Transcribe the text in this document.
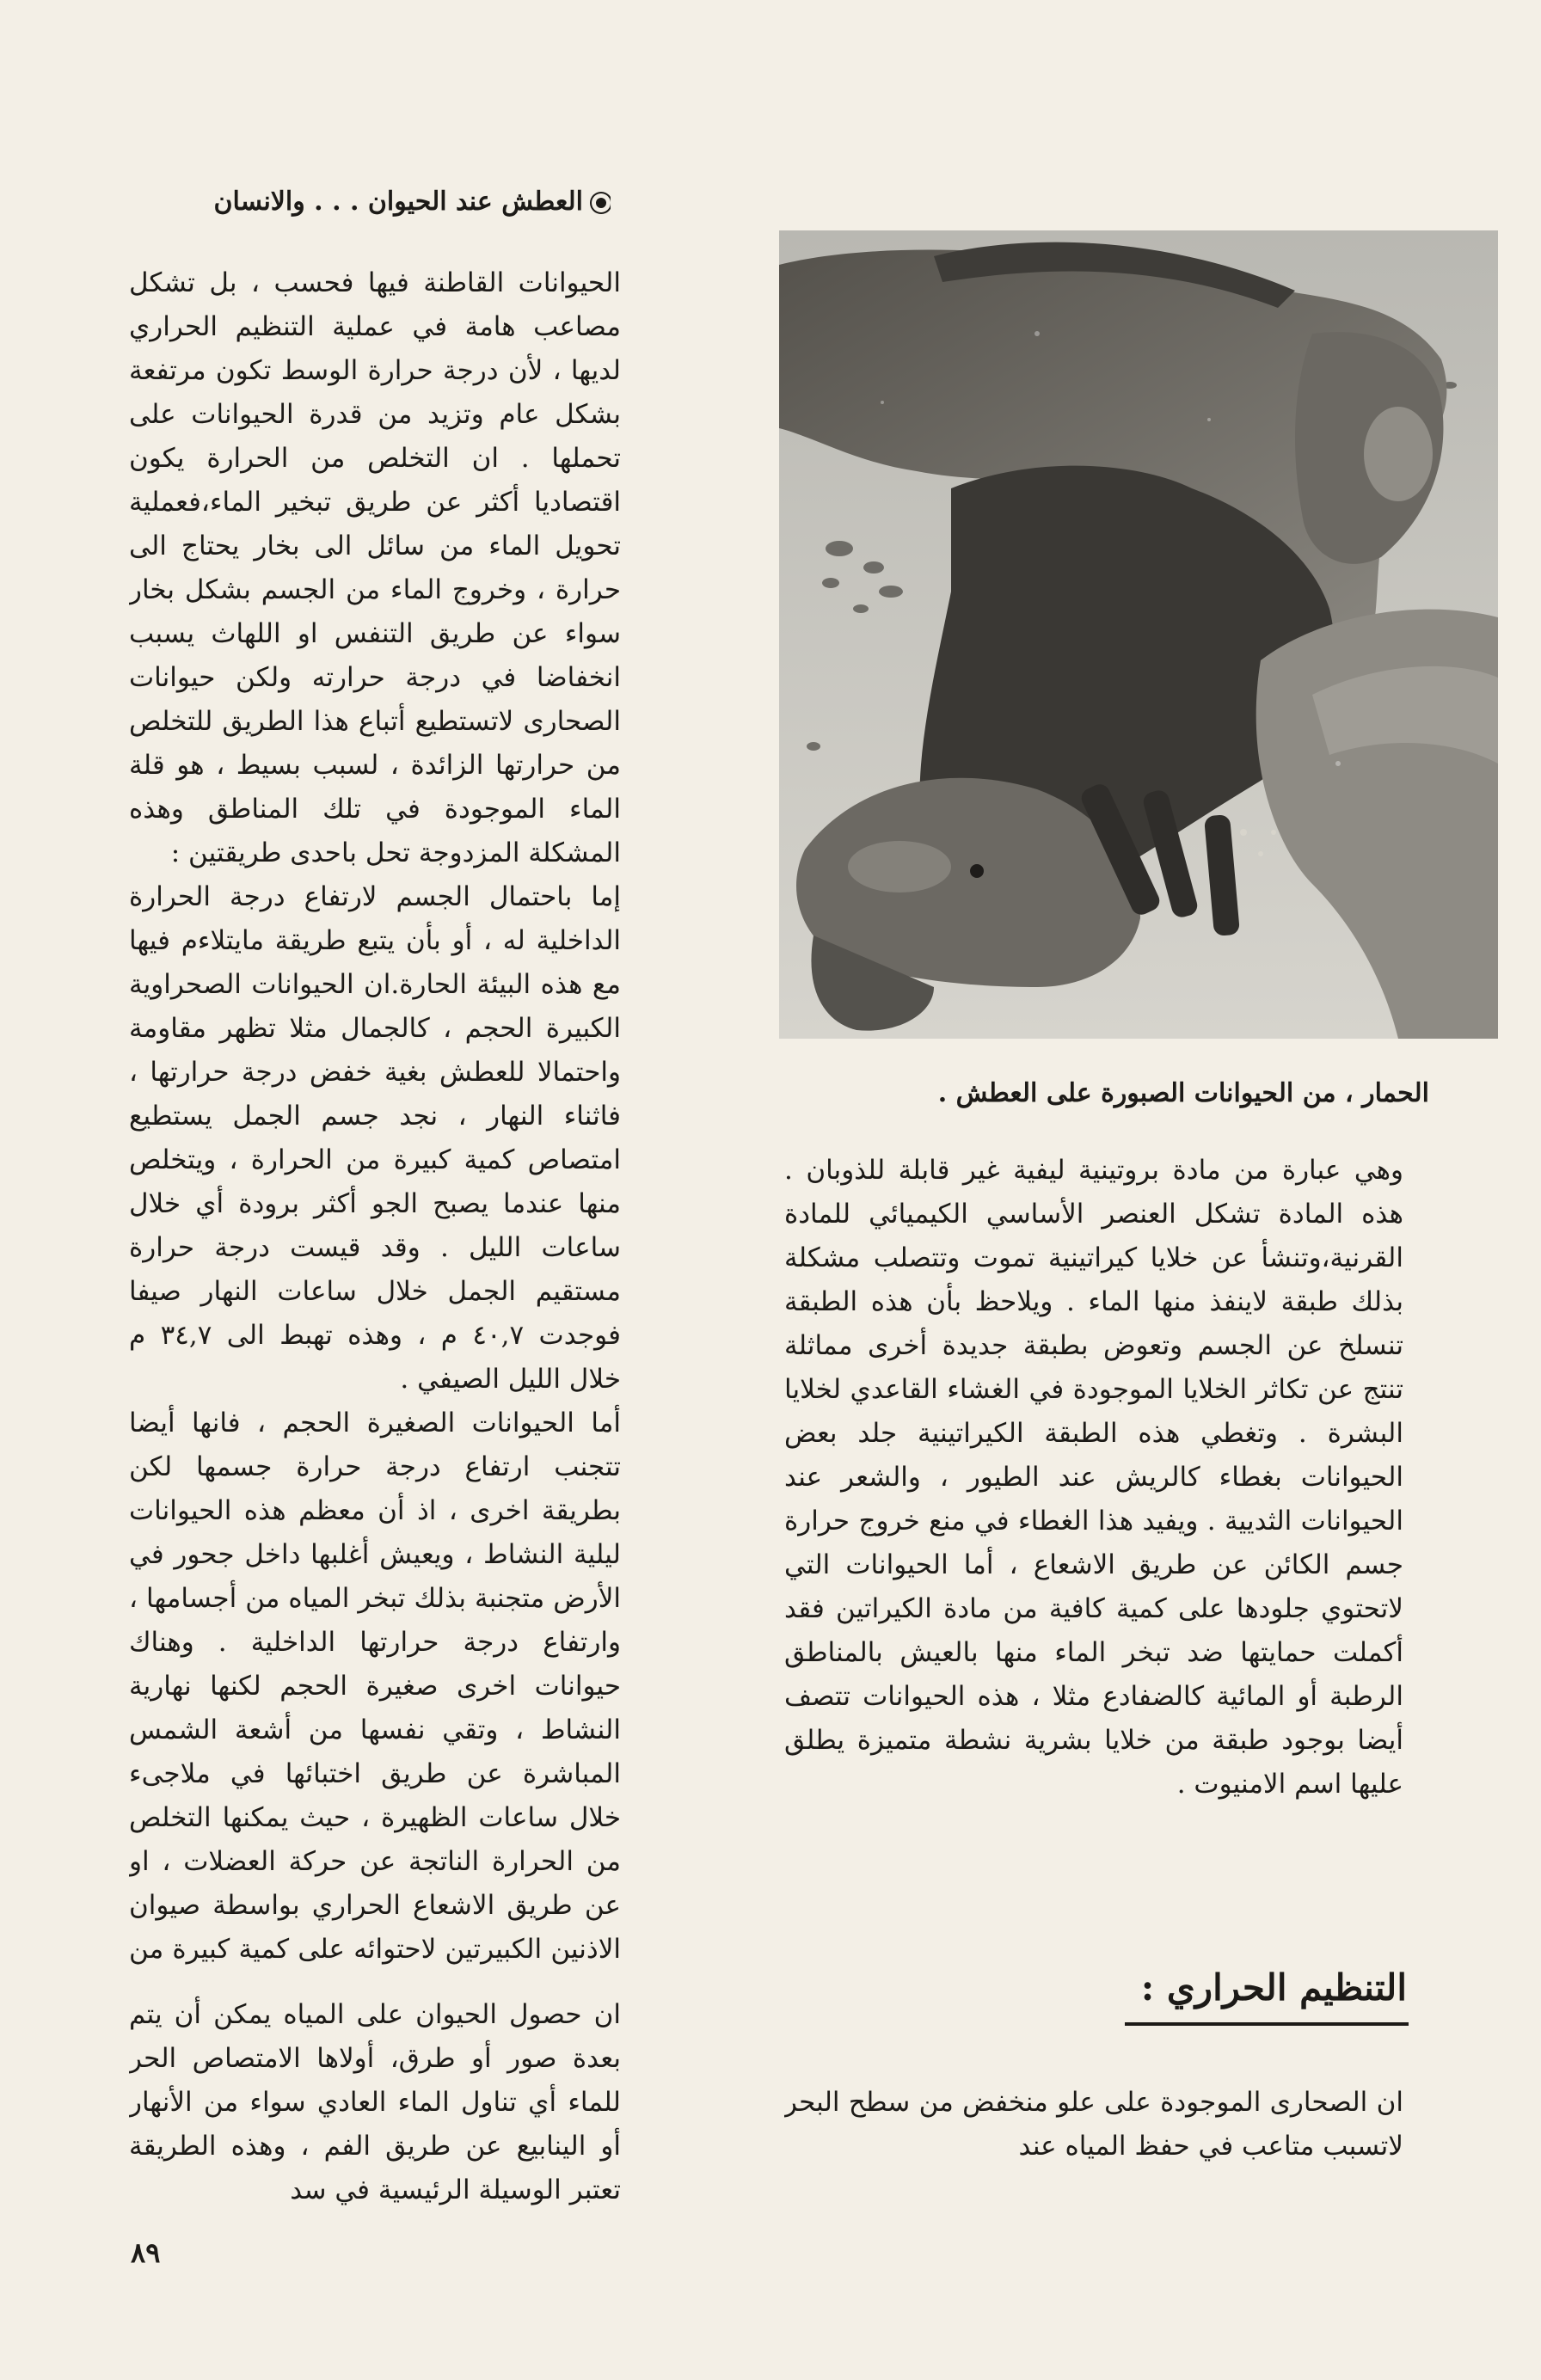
العطش عند الحيوان . . . والانسان
الحمار ، من الحيوانات الصبورة على العطش .

الحيوانات القاطنة فيها فحسب ، بل تشكل مصاعب هامة في عملية التنظيم الحراري لديها ، لأن درجة حرارة الوسط تكون مرتفعة بشكل عام وتزيد من قدرة الحيوانات على تحملها . ان التخلص من الحرارة يكون اقتصاديا أكثر عن طريق تبخير الماء،فعملية تحويل الماء من سائل الى بخار يحتاج الى حرارة ، وخروج الماء من الجسم بشكل بخار سواء عن طريق التنفس او اللهاث يسبب انخفاضا في درجة حرارته ولكن حيوانات الصحارى لاتستطيع أتباع هذا الطريق للتخلص من حرارتها الزائدة ، لسبب بسيط ، هو قلة الماء الموجودة في تلك المناطق وهذه المشكلة المزدوجة تحل باحدى طريقتين :

إما باحتمال الجسم لارتفاع درجة الحرارة الداخلية له ، أو بأن يتبع طريقة مايتلاءم فيها مع هذه البيئة الحارة.ان الحيوانات الصحراوية الكبيرة الحجم ، كالجمال مثلا تظهر مقاومة واحتمالا للعطش بغية خفض درجة حرارتها ، فاثناء النهار ، نجد جسم الجمل يستطيع امتصاص كمية كبيرة من الحرارة ، ويتخلص منها عندما يصبح الجو أكثر برودة أي خلال ساعات الليل . وقد قيست درجة حرارة مستقيم الجمل خلال ساعات النهار صيفا فوجدت ٤٠,٧ م ، وهذه تهبط الى ٣٤,٧ م خلال الليل الصيفي .

أما الحيوانات الصغيرة الحجم ، فانها أيضا تتجنب ارتفاع درجة حرارة جسمها لكن بطريقة اخرى ، اذ أن معظم هذه الحيوانات ليلية النشاط ، ويعيش أغلبها داخل جحور في الأرض متجنبة بذلك تبخر المياه من أجسامها ، وارتفاع درجة حرارتها الداخلية . وهناك حيوانات اخرى صغيرة الحجم لكنها نهارية النشاط ، وتقي نفسها من أشعة الشمس المباشرة عن طريق اختبائها في ملاجىء خلال ساعات الظهيرة ، حيث يمكنها التخلص من الحرارة الناتجة عن حركة العضلات ، او عن طريق الاشعاع الحراري بواسطة صيوان الاذنين الكبيرتين لاحتوائه على كمية كبيرة من

ان حصول الحيوان على المياه يمكن أن يتم بعدة صور أو طرق، أولاها الامتصاص الحر للماء أي تناول الماء العادي سواء من الأنهار أو الينابيع عن طريق الفم ، وهذه الطريقة تعتبر الوسيلة الرئيسية في سد

وهي عبارة من مادة بروتينية ليفية غير قابلة للذوبان . هذه المادة تشكل العنصر الأساسي الكيميائي للمادة القرنية،وتنشأ عن خلايا كيراتينية تموت وتتصلب مشكلة بذلك طبقة لاينفذ منها الماء . ويلاحظ بأن هذه الطبقة تنسلخ عن الجسم وتعوض بطبقة جديدة أخرى مماثلة تنتج عن تكاثر الخلايا الموجودة في الغشاء القاعدي لخلايا البشرة . وتغطي هذه الطبقة الكيراتينية جلد بعض الحيوانات بغطاء كالريش عند الطيور ، والشعر عند الحيوانات الثديية . ويفيد هذا الغطاء في منع خروج حرارة جسم الكائن عن طريق الاشعاع ، أما الحيوانات التي لاتحتوي جلودها على كمية كافية من مادة الكيراتين فقد أكملت حمايتها ضد تبخر الماء منها بالعيش بالمناطق الرطبة أو المائية كالضفادع مثلا ، هذه الحيوانات تتصف أيضا بوجود طبقة من خلايا بشرية نشطة متميزة يطلق عليها اسم الامنيوت .

التنظيم الحراري :

ان الصحارى الموجودة على علو منخفض من سطح البحر لاتسبب متاعب في حفظ المياه عند

٨٩
